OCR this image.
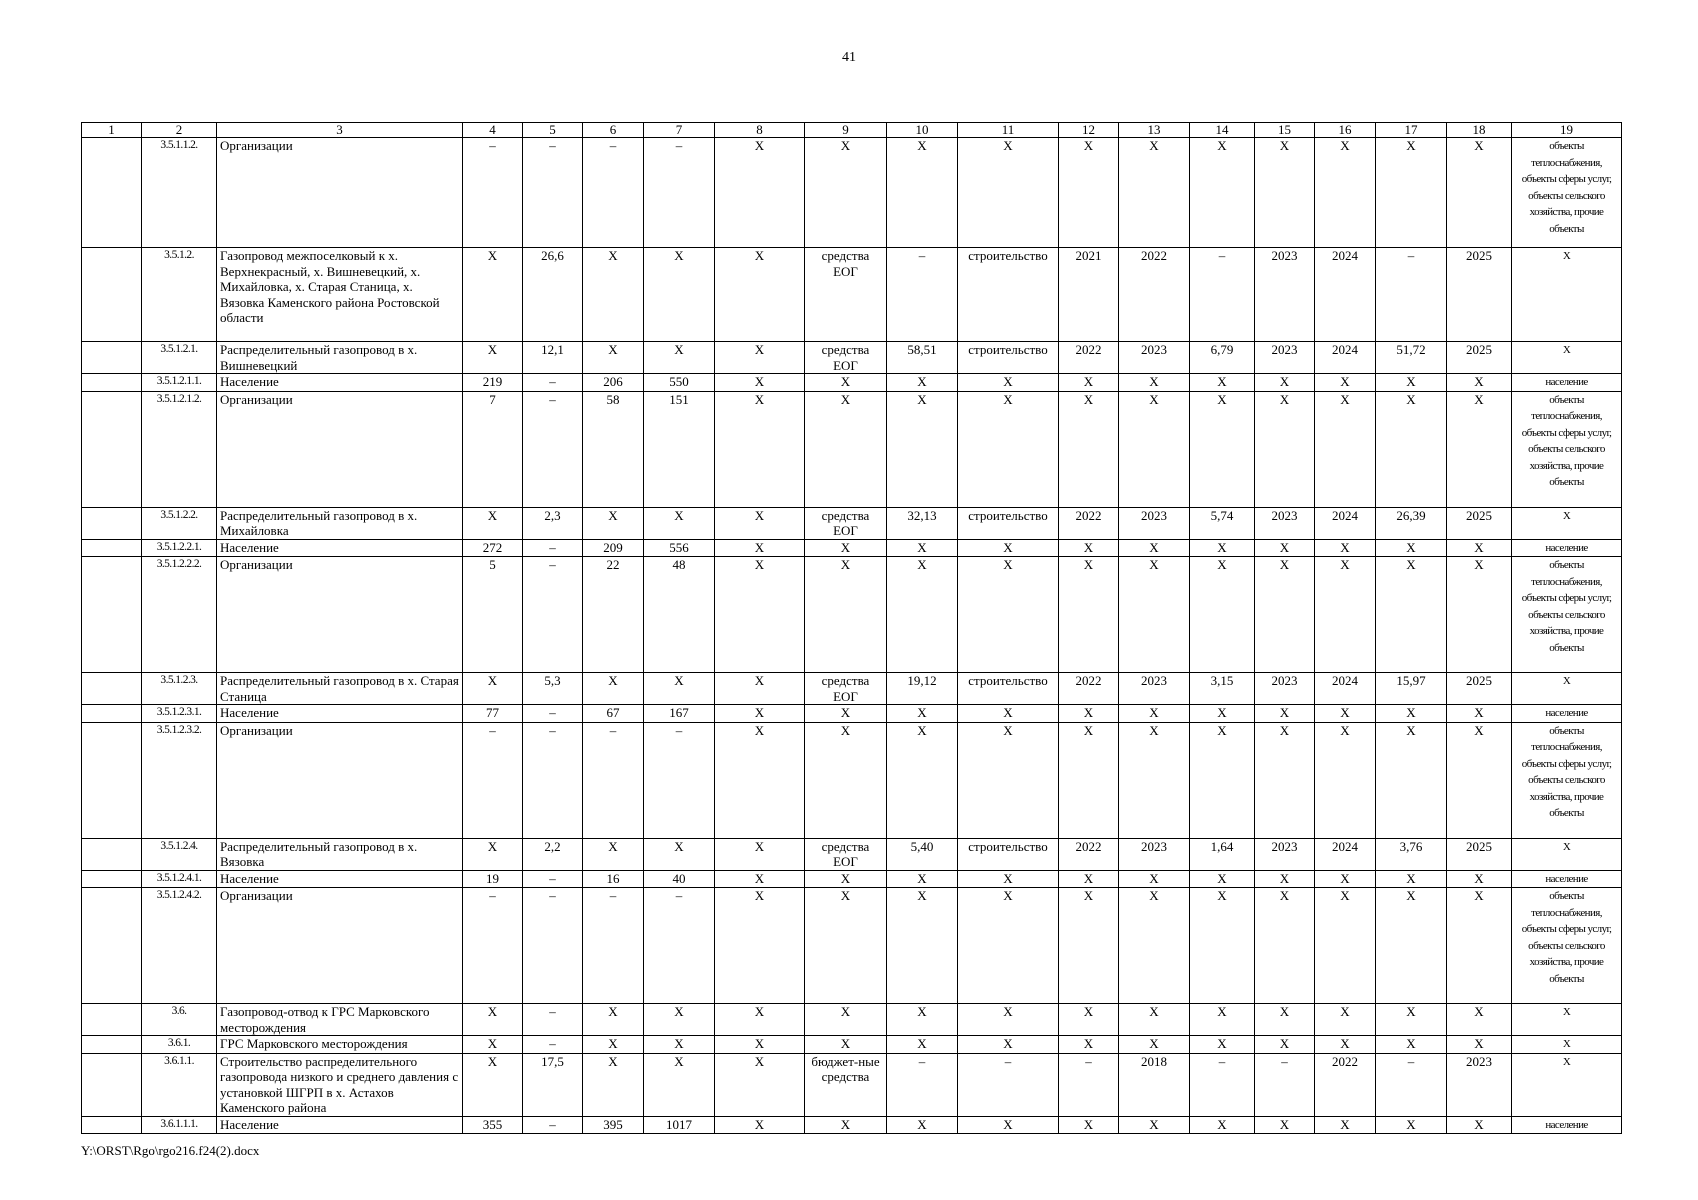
41
1	2	3	4	5	6	7	8	9	10	11	12	13	14	15	16	17	18	19
	3.5.1.1.2.	Организации	–	–	–	–	Х	Х	Х	Х	Х	Х	Х	Х	Х	Х	Х	объекты теплоснабжения, объекты сферы услуг, объекты сельского хозяйства, прочие объекты
	3.5.1.2.	Газопровод межпоселковый к х. Верхнекрасный, х. Вишневецкий, х. Михайловка, х. Старая Станица, х. Вязовка Каменского района Ростовской области	Х	26,6	Х	Х	Х	средства ЕОГ	–	строительство	2021	2022	–	2023	2024	–	2025	Х
	3.5.1.2.1.	Распределительный газопровод в х. Вишневецкий	Х	12,1	Х	Х	Х	средства ЕОГ	58,51	строительство	2022	2023	6,79	2023	2024	51,72	2025	Х
	3.5.1.2.1.1.	Население	219	–	206	550	Х	Х	Х	Х	Х	Х	Х	Х	Х	Х	Х	население
	3.5.1.2.1.2.	Организации	7	–	58	151	Х	Х	Х	Х	Х	Х	Х	Х	Х	Х	Х	объекты теплоснабжения, объекты сферы услуг, объекты сельского хозяйства, прочие объекты
	3.5.1.2.2.	Распределительный газопровод в х. Михайловка	Х	2,3	Х	Х	Х	средства ЕОГ	32,13	строительство	2022	2023	5,74	2023	2024	26,39	2025	Х
	3.5.1.2.2.1.	Население	272	–	209	556	Х	Х	Х	Х	Х	Х	Х	Х	Х	Х	Х	население
	3.5.1.2.2.2.	Организации	5	–	22	48	Х	Х	Х	Х	Х	Х	Х	Х	Х	Х	Х	объекты теплоснабжения, объекты сферы услуг, объекты сельского хозяйства, прочие объекты
	3.5.1.2.3.	Распределительный газопровод в х. Старая Станица	Х	5,3	Х	Х	Х	средства ЕОГ	19,12	строительство	2022	2023	3,15	2023	2024	15,97	2025	Х
	3.5.1.2.3.1.	Население	77	–	67	167	Х	Х	Х	Х	Х	Х	Х	Х	Х	Х	Х	население
	3.5.1.2.3.2.	Организации	–	–	–	–	Х	Х	Х	Х	Х	Х	Х	Х	Х	Х	Х	объекты теплоснабжения, объекты сферы услуг, объекты сельского хозяйства, прочие объекты
	3.5.1.2.4.	Распределительный газопровод в х. Вязовка	Х	2,2	Х	Х	Х	средства ЕОГ	5,40	строительство	2022	2023	1,64	2023	2024	3,76	2025	Х
	3.5.1.2.4.1.	Население	19	–	16	40	Х	Х	Х	Х	Х	Х	Х	Х	Х	Х	Х	население
	3.5.1.2.4.2.	Организации	–	–	–	–	Х	Х	Х	Х	Х	Х	Х	Х	Х	Х	Х	объекты теплоснабжения, объекты сферы услуг, объекты сельского хозяйства, прочие объекты
	3.6.	Газопровод-отвод к ГРС Марковского месторождения	Х	–	Х	Х	Х	Х	Х	Х	Х	Х	Х	Х	Х	Х	Х	Х
	3.6.1.	ГРС Марковского месторождения	Х	–	Х	Х	Х	Х	Х	Х	Х	Х	Х	Х	Х	Х	Х	Х
	3.6.1.1.	Строительство распределительного газопровода низкого и среднего давления с установкой ШГРП в х. Астахов Каменского района	Х	17,5	Х	Х	Х	бюджет-ные средства	–	–	–	2018	–	–	2022	–	2023	Х
	3.6.1.1.1.	Население	355	–	395	1017	Х	Х	Х	Х	Х	Х	Х	Х	Х	Х	Х	население
Y:\ORST\Rgo\rgo216.f24(2).docx
